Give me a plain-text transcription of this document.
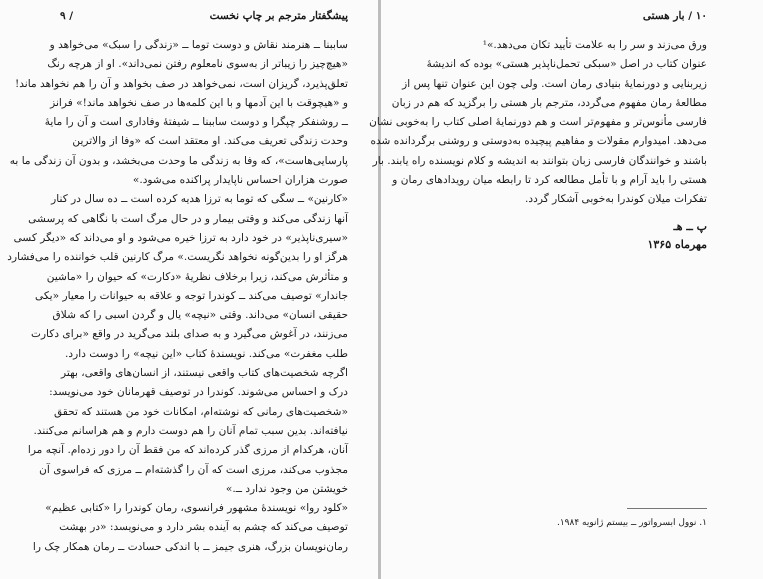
پیشگفتار مترجم بر چاپ نخست
/ ۹
ساببنا ــ هنرمند نقاش و دوست توما ــ «زندگی را سبک» می‌خواهد و
«هیچ‌چیز را زیباتر از به‌سوی نامعلوم رفتن نمی‌داند». او از هرچه رنگ
تعلق‌پذیرد، گریزان است، نمی‌خواهد در صف بخواهد و آن را هم نخواهد ماند!
و «هیچوقت با این آدمها و با این کلمه‌ها در صف نخواهد ماند!» فرانز
ــ روشنفکر چپگرا و دوست ساببنا ــ شیفتهٔ وفاداری است و آن را مایهٔ
وحدت زندگی تعریف می‌کند. او معتقد است که «وفا از والاترین
پارسایی‌هاست»، که وفا به زندگی ما وحدت می‌بخشد، و بدون آن زندگی ما به
صورت هزاران احساس ناپایدار پراکنده می‌شود.»
«کارنین» ــ سگی که توما به ترزا هدیه کرده است ــ ده سال در کنار
آنها زندگی می‌کند و وقتی بیمار و در حال مرگ است با نگاهی که پرسشی
«سیری‌ناپذیر» در خود دارد به ترزا خیره می‌شود و او می‌داند که «دیگر کسی
هرگز او را بدین‌گونه نخواهد نگریست.» مرگ کارنین قلب خواننده را می‌فشارد
و متأثرش می‌کند، زیرا برخلاف نظریهٔ «دکارت» که حیوان را «ماشین
جاندار» توصیف می‌کند ــ کوندرا توجه و علاقه به حیوانات را معیار «یکی
حقیقی انسان» می‌داند. وقتی «نیچه» یال و گردن اسبی را که شلاق
می‌زنند، در آغوش می‌گیرد و به صدای بلند می‌گرید در واقع «برای دکارت
طلب مغفرت» می‌کند. نویسندهٔ کتاب «این نیچه» را دوست دارد.
اگرچه شخصیت‌های کتاب واقعی نیستند، از انسان‌های واقعی، بهتر
درک و احساس می‌شوند. کوندرا در توصیف قهرمانان خود می‌نویسد:
«شخصیت‌های رمانی که نوشته‌ام، امکانات خود من هستند که تحقق
نیافته‌اند. بدین سبب تمام آنان را هم دوست دارم و هم هراسانم می‌کنند.
آنان، هرکدام از مرزی گذر کرده‌اند که من فقط آن را دور زده‌ام. آنچه مرا
مجذوب می‌کند، مرزی است که آن را گذشته‌ام ــ مرزی که فراسوی آن
خویشتن من وجود ندارد ــ.»
«کلود روا» نویسندهٔ مشهور فرانسوی، رمان کوندرا را «کتابی عظیم»
توصیف می‌کند که چشم به آینده بشر دارد و می‌نویسد: «در بهشت
رمان‌نویسان بزرگ، هنری جیمز ــ با اندکی حسادت ــ رمان همکار چک را
۱۰ / بار هستی
ورق می‌زند و سر را به علامت تأیید تکان می‌دهد.»¹
عنوان کتاب در اصل «سبکی تحمل‌ناپذیر هستی» بوده که اندیشهٔ
زیربنایی و دورنمایهٔ بنیادی رمان است. ولی چون این عنوان تنها پس از
مطالعهٔ رمان مفهوم می‌گردد، مترجم بار هستی را برگزید که هم در زبان
فارسی مأنوس‌تر و مفهوم‌تر است و هم دورنمایهٔ اصلی کتاب را به‌خوبی نشان
می‌دهد. امیدوارم مقولات و مفاهیم پیچیده به‌دوستی و روشنی برگردانده شده
باشند و خوانندگان فارسی زبان بتوانند به اندیشه و کلام نویسنده راه یابند. بار
هستی را باید آرام و با تأمل مطالعه کرد تا رابطه میان رویدادهای رمان و
تفکرات میلان کوندرا به‌خوبی آشکار گردد.
پ ــ هـ
مهرماه ۱۳۶۵
۱. نوول ابسرواتور ــ بیستم ژانویه ۱۹۸۴.
